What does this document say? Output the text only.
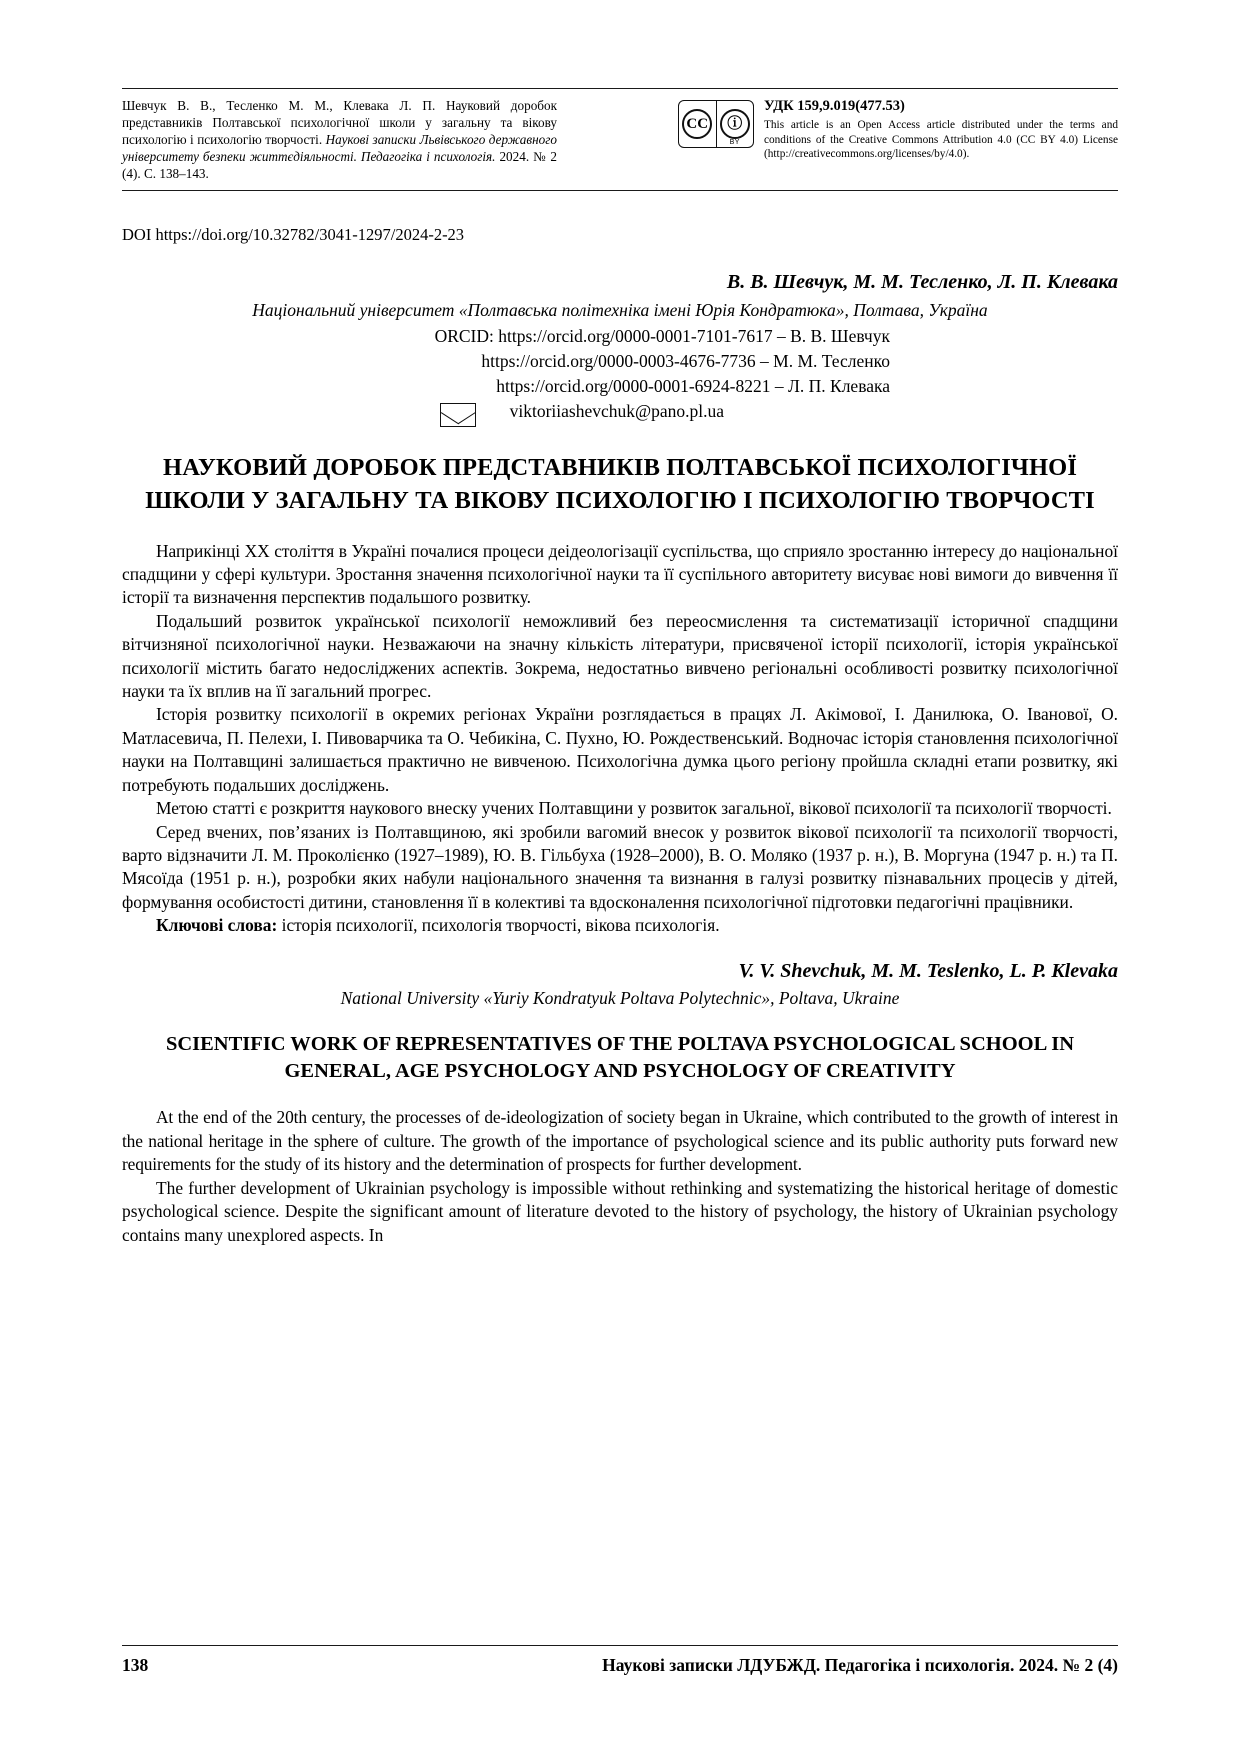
Шевчук В. В., Тесленко М. М., Клевака Л. П. Науковий доробок представників Полтавської психологічної школи у загальну та вікову психологію і психологію творчості. Наукові записки Львівського державного університету безпеки життєдіяльності. Педагогіка і психологія. 2024. № 2 (4). С. 138–143.
CC	ⓘ
BY
УДК 159,9.019(477.53)
This article is an Open Access article distributed under the terms and conditions of the Creative Commons Attribution 4.0 (CC BY 4.0) License (http://creativecommons.org/licenses/by/4.0).
DOI https://doi.org/10.32782/3041-1297/2024-2-23
В. В. Шевчук, М. М. Тесленко, Л. П. Клевака
Національний університет «Полтавська політехніка імені Юрія Кондратюка», Полтава, Україна
ORCID: https://orcid.org/0000-0001-7101-7617 – В. В. Шевчук
https://orcid.org/0000-0003-4676-7736 – М. М. Тесленко
https://orcid.org/0000-0001-6924-8221 – Л. П. Клевака
viktoriiashevchuk@pano.pl.ua
НАУКОВИЙ ДОРОБОК ПРЕДСТАВНИКІВ ПОЛТАВСЬКОЇ ПСИХОЛОГІЧНОЇ ШКОЛИ У ЗАГАЛЬНУ ТА ВІКОВУ ПСИХОЛОГІЮ І ПСИХОЛОГІЮ ТВОРЧОСТІ

Наприкінці ХХ століття в Україні почалися процеси деідеологізації суспільства, що сприяло зростанню інтересу до національної спадщини у сфері культури. Зростання значення психологічної науки та її суспільного авторитету висуває нові вимоги до вивчення її історії та визначення перспектив подальшого розвитку.

Подальший розвиток української психології неможливий без переосмислення та систематизації історичної спадщини вітчизняної психологічної науки. Незважаючи на значну кількість літератури, присвяченої історії психології, історія української психології містить багато недосліджених аспектів. Зокрема, недостатньо вивчено регіональні особливості розвитку психологічної науки та їх вплив на її загальний прогрес.

Історія розвитку психології в окремих регіонах України розглядається в працях Л. Акімової, І. Данилюка, О. Іванової, О. Матласевича, П. Пелехи, І. Пивоварчика та О. Чебикіна, С. Пухно, Ю. Рождественський. Водночас історія становлення психологічної науки на Полтавщині залишається практично не вивченою. Психологічна думка цього регіону пройшла складні етапи розвитку, які потребують подальших досліджень.

Метою статті є розкриття наукового внеску учених Полтавщини у розвиток загальної, вікової психології та психології творчості.

Серед вчених, пов’язаних із Полтавщиною, які зробили вагомий внесок у розвиток вікової психології та психології творчості, варто відзначити Л. М. Проколієнко (1927–1989), Ю. В. Гільбуха (1928–2000), В. О. Моляко (1937 р. н.), В. Моргуна (1947 р. н.) та П. Мясоїда (1951 р. н.), розробки яких набули національного значення та визнання в галузі розвитку пізнавальних процесів у дітей, формування особистості дитини, становлення її в колективі та вдосконалення психологічної підготовки педагогічні працівники.

Ключові слова: історія психології, психологія творчості, вікова психологія.

V. V. Shevchuk, M. M. Teslenko, L. P. Klevaka
National University «Yuriy Kondratyuk Poltava Polytechnic», Poltava, Ukraine
SCIENTIFIC WORK OF REPRESENTATIVES OF THE POLTAVA PSYCHOLOGICAL SCHOOL IN GENERAL, AGE PSYCHOLOGY AND PSYCHOLOGY OF CREATIVITY

At the end of the 20th century, the processes of de-ideologization of society began in Ukraine, which contributed to the growth of interest in the national heritage in the sphere of culture. The growth of the importance of psychological science and its public authority puts forward new requirements for the study of its history and the determination of prospects for further development.

The further development of Ukrainian psychology is impossible without rethinking and systematizing the historical heritage of domestic psychological science. Despite the significant amount of literature devoted to the history of psychology, the history of Ukrainian psychology contains many unexplored aspects. In

138	Наукові записки ЛДУБЖД. Педагогіка і психологія. 2024. № 2 (4)
